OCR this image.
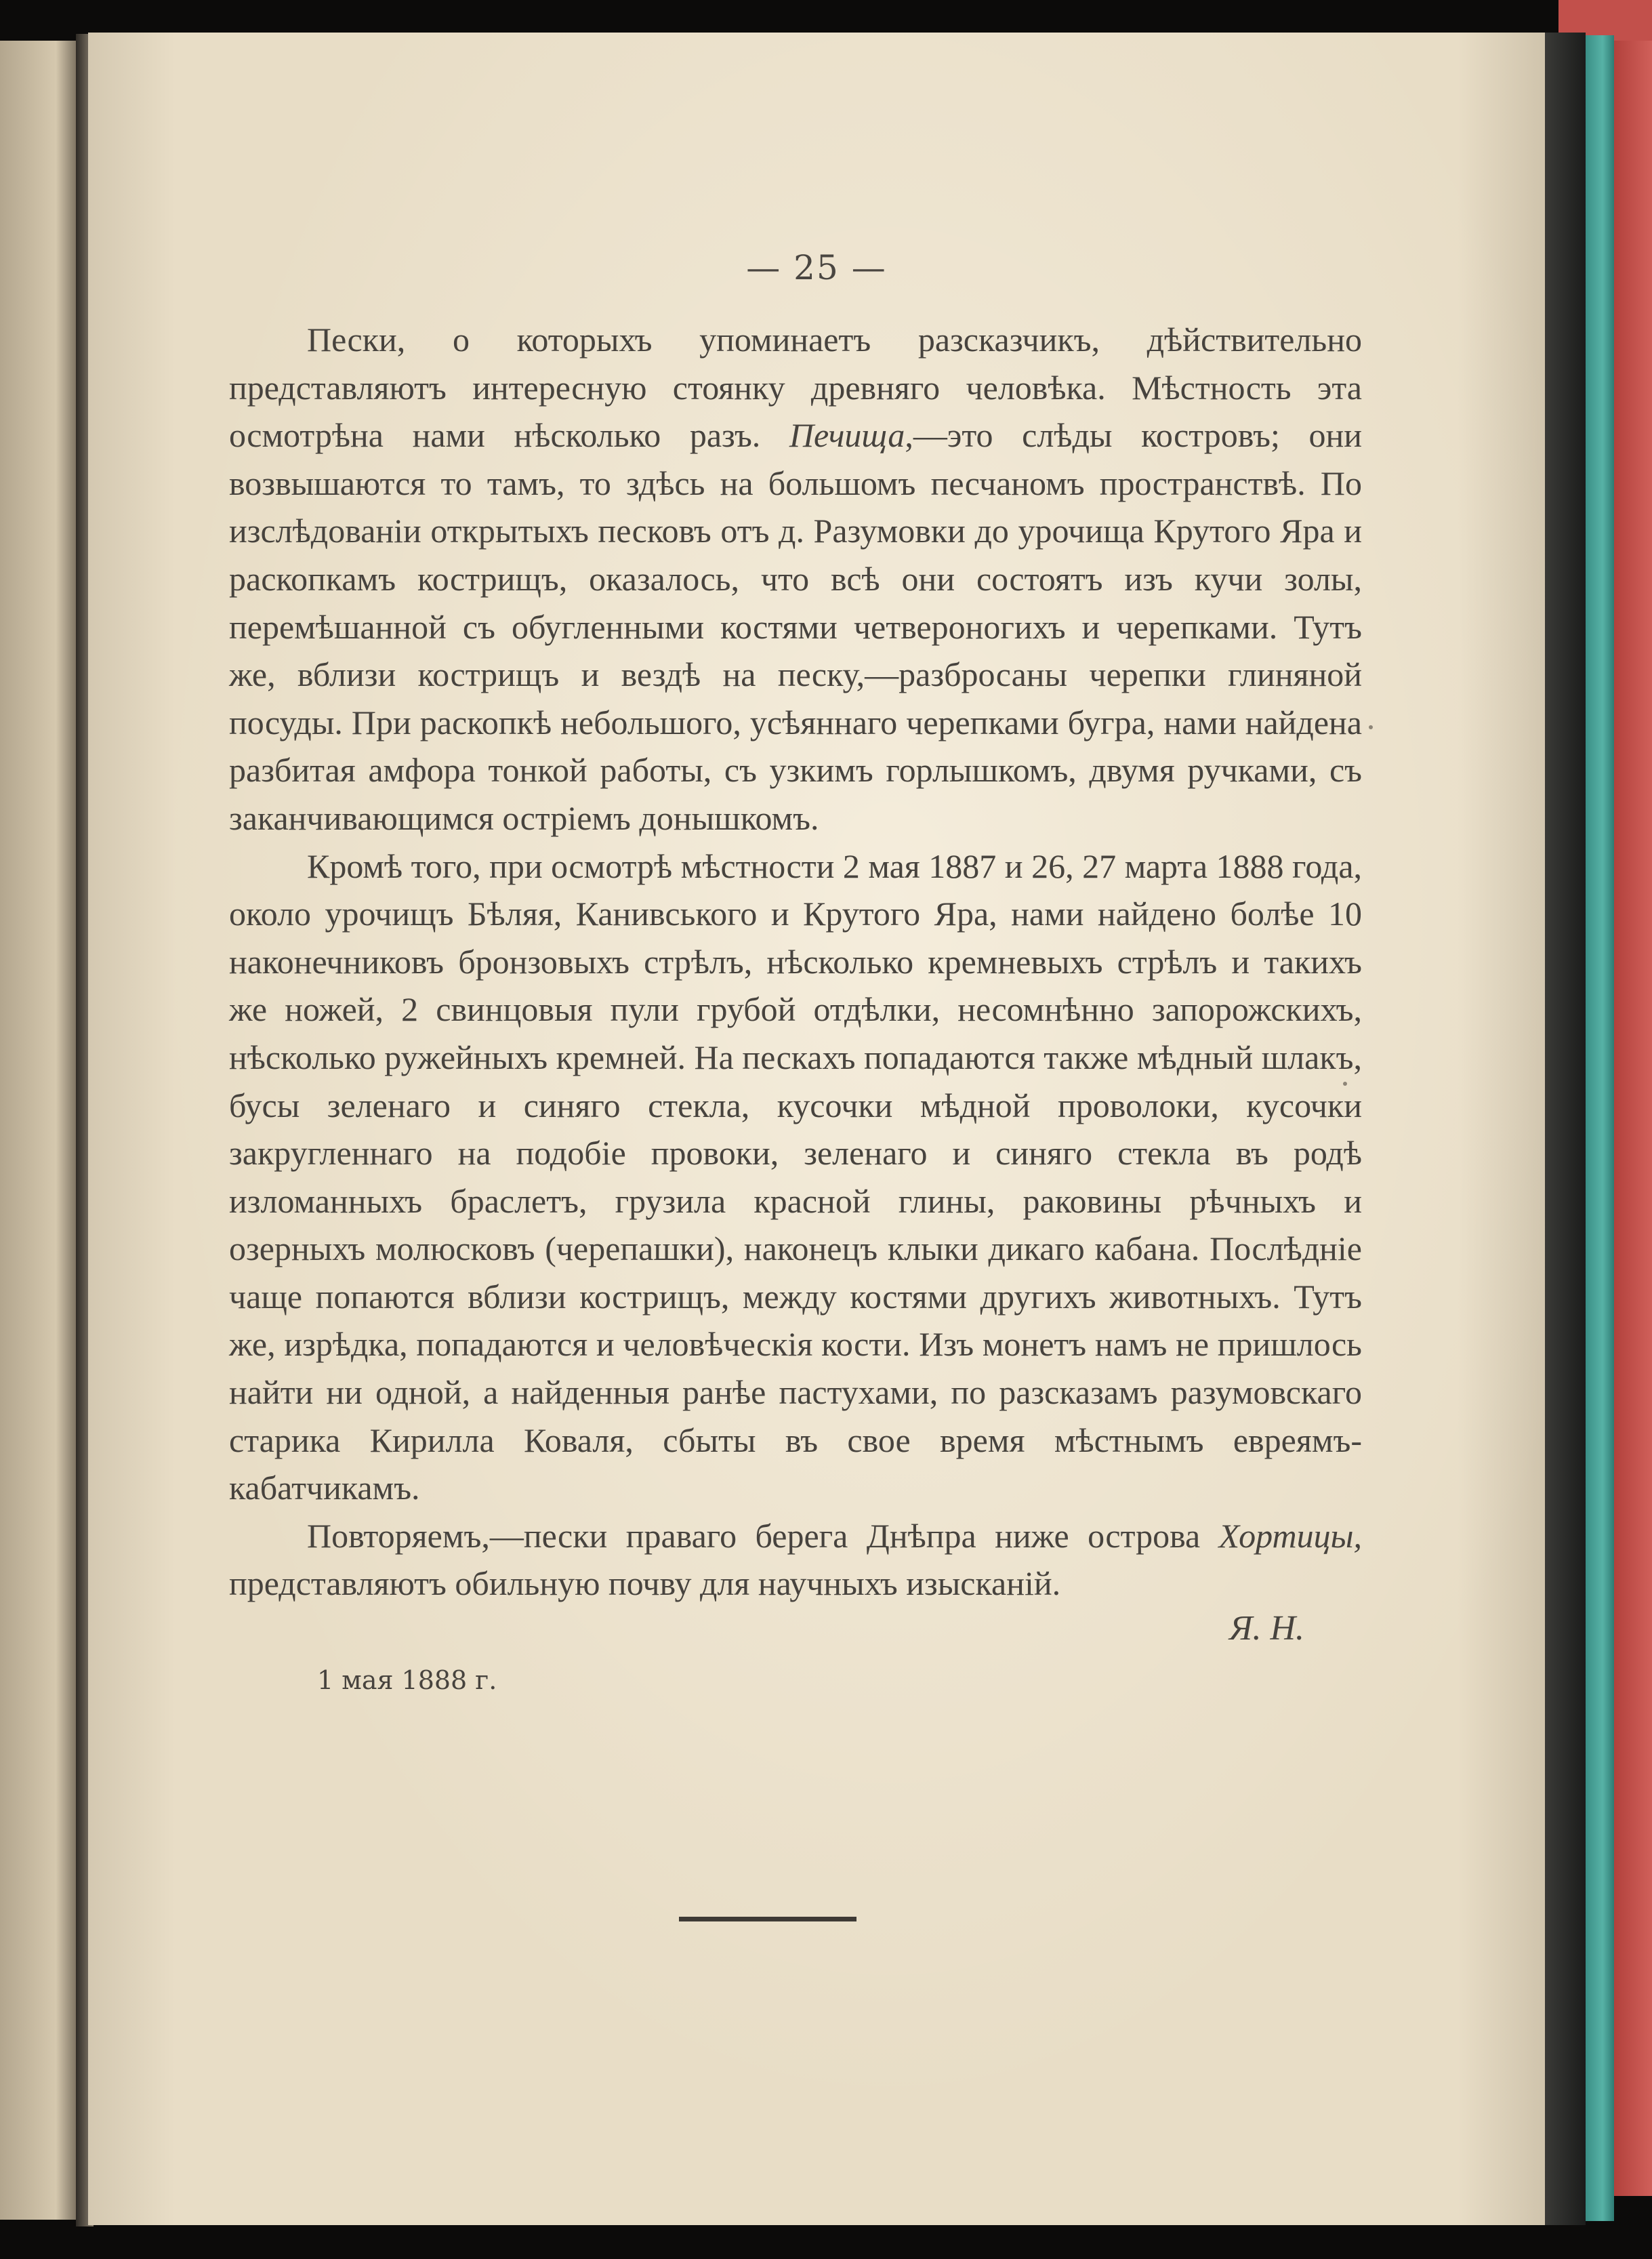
— 25 —

Пески, о которыхъ упоминаетъ разсказчикъ, дѣйствительно представляютъ интересную стоянку древняго человѣка. Мѣстность эта осмотрѣна нами нѣсколько разъ. Печища,—это слѣды костровъ; они возвышаются то тамъ, то здѣсь на большомъ песчаномъ пространствѣ. По изслѣдованіи открытыхъ песковъ отъ д. Разумовки до урочища Крутого Яра и раскопкамъ кострищъ, оказалось, что всѣ они состоятъ изъ кучи золы, перемѣшанной съ обугленными костями четвероногихъ и черепками. Тутъ же, вблизи кострищъ и вездѣ на песку,—разбросаны черепки глиняной посуды. При раскопкѣ небольшого, усѣяннаго черепками бугра, нами найдена разбитая амфора тонкой работы, съ узкимъ горлышкомъ, двумя ручками, съ заканчивающимся остріемъ донышкомъ.

Кромѣ того, при осмотрѣ мѣстности 2 мая 1887 и 26, 27 марта 1888 года, около урочищъ Бѣляя, Канивського и Крутого Яра, нами найдено болѣе 10 наконечниковъ бронзовыхъ стрѣлъ, нѣсколько кремневыхъ стрѣлъ и такихъ же ножей, 2 свинцовыя пули грубой отдѣлки, несомнѣнно запорожскихъ, нѣсколько ружейныхъ кремней. На пескахъ попадаются также мѣдный шлакъ, бусы зеленаго и синяго стекла, кусочки мѣдной проволоки, кусочки закругленнаго на подобіе провоки, зеленаго и синяго стекла въ родѣ изломанныхъ браслетъ, грузила красной глины, раковины рѣчныхъ и озерныхъ молюсковъ (черепашки), наконецъ клыки дикаго кабана. Послѣдніе чаще попаются вблизи кострищъ, между костями другихъ животныхъ. Тутъ же, изрѣдка, попадаются и человѣческія кости. Изъ монетъ намъ не пришлось найти ни одной, а найденныя ранѣе пастухами, по разсказамъ разумовскаго старика Кирилла Коваля, сбыты въ свое время мѣстнымъ евреямъ-кабатчикамъ.

Повторяемъ,—пески праваго берега Днѣпра ниже острова Хортицы, представляютъ обильную почву для научныхъ изысканій.

Я. Н.
1 мая 1888 г.
